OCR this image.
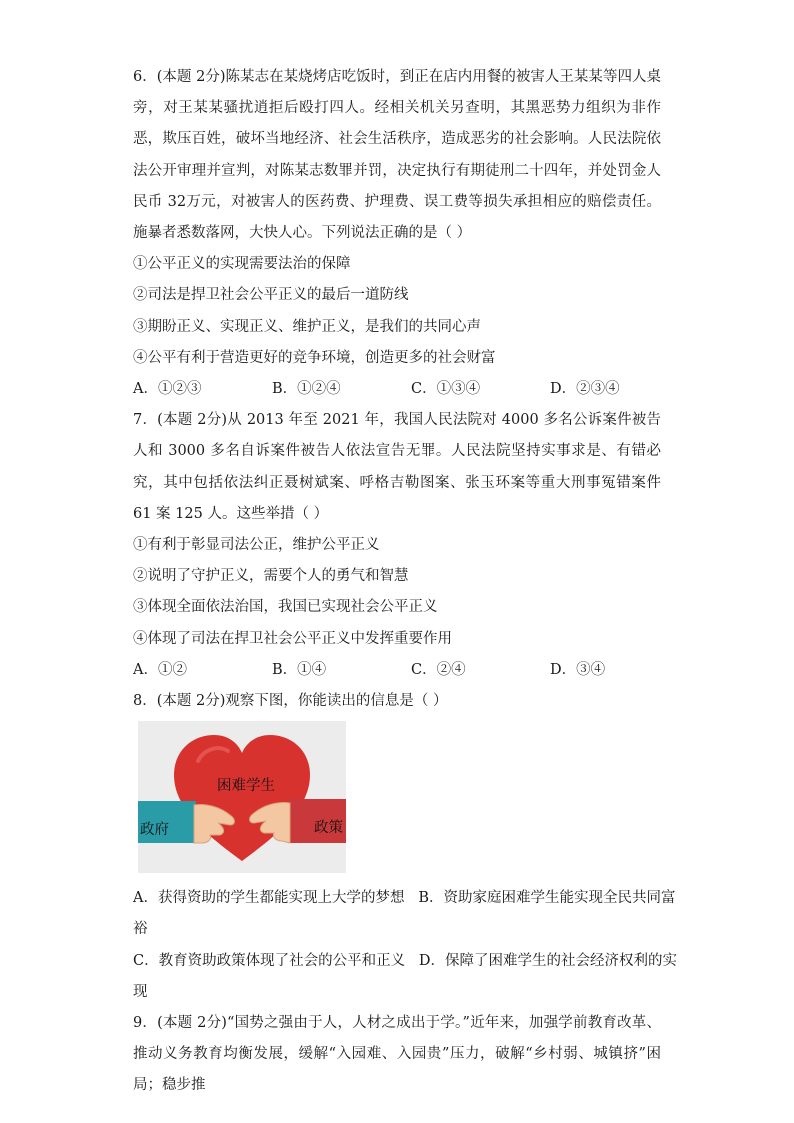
6．(本题 2分)陈某志在某烧烤店吃饭时，到正在店内用餐的被害人王某某等四人桌旁，对王某某骚扰逍拒后殴打四人。经相关机关另查明，其黑恶势力组织为非作恶，欺压百姓，破坏当地经济、社会生活秩序，造成恶劣的社会影响。人民法院依法公开审理并宣判，对陈某志数罪并罚，决定执行有期徒刑二十四年，并处罚金人民币 32万元，对被害人的医药费、护理费、误工费等损失承担相应的赔偿责任。施暴者悉数落网，大快人心。下列说法正确的是（ ）

①公平正义的实现需要法治的保障

②司法是捍卫社会公平正义的最后一道防线

③期盼正义、实现正义、维护正义，是我们的共同心声

④公平有利于营造更好的竞争环境，创造更多的社会财富

A．①②③	B．①②④	C．①③④	D．②③④

7．(本题 2分)从 2013 年至 2021 年，我国人民法院对 4000 多名公诉案件被告人和 3000 多名自诉案件被告人依法宣告无罪。人民法院坚持实事求是、有错必究，其中包括依法纠正聂树斌案、呼格吉勒图案、张玉环案等重大刑事冤错案件 61 案 125 人。这些举措（ ）

①有利于彰显司法公正，维护公平正义

②说明了守护正义，需要个人的勇气和智慧

③体现全面依法治国，我国已实现社会公平正义

④体现了司法在捍卫社会公平正义中发挥重要作用

A．①②	B．①④	C．②④	D．③④

8．(本题 2分)观察下图，你能读出的信息是（ ）

困难学生
政府	政策

A．获得资助的学生都能实现上大学的梦想 B．资助家庭困难学生能实现全民共同富

裕

C．教育资助政策体现了社会的公平和正义 D．保障了困难学生的社会经济权利的实

现

9．(本题 2分)“国势之强由于人，人材之成出于学。”近年来，加强学前教育改革、推动义务教育均衡发展，缓解“入园难、入园贵”压力，破解“乡村弱、城镇挤”困局；稳步推
